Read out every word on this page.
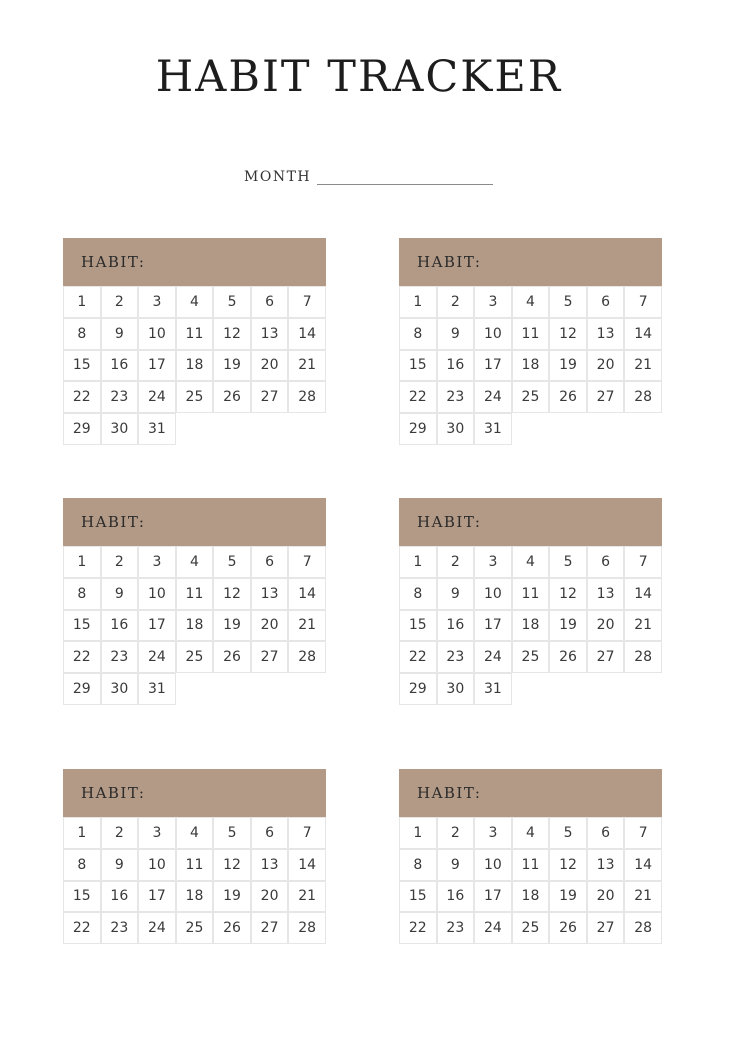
HABIT TRACKER
MONTH
HABIT:
1	2	3	4	5	6	7
8	9	10	11	12	13	14
15	16	17	18	19	20	21
22	23	24	25	26	27	28
29	30	31
HABIT:
1	2	3	4	5	6	7
8	9	10	11	12	13	14
15	16	17	18	19	20	21
22	23	24	25	26	27	28
29	30	31
HABIT:
1	2	3	4	5	6	7
8	9	10	11	12	13	14
15	16	17	18	19	20	21
22	23	24	25	26	27	28
29	30	31
HABIT:
1	2	3	4	5	6	7
8	9	10	11	12	13	14
15	16	17	18	19	20	21
22	23	24	25	26	27	28
29	30	31
HABIT:
1	2	3	4	5	6	7
8	9	10	11	12	13	14
15	16	17	18	19	20	21
22	23	24	25	26	27	28
HABIT:
1	2	3	4	5	6	7
8	9	10	11	12	13	14
15	16	17	18	19	20	21
22	23	24	25	26	27	28
